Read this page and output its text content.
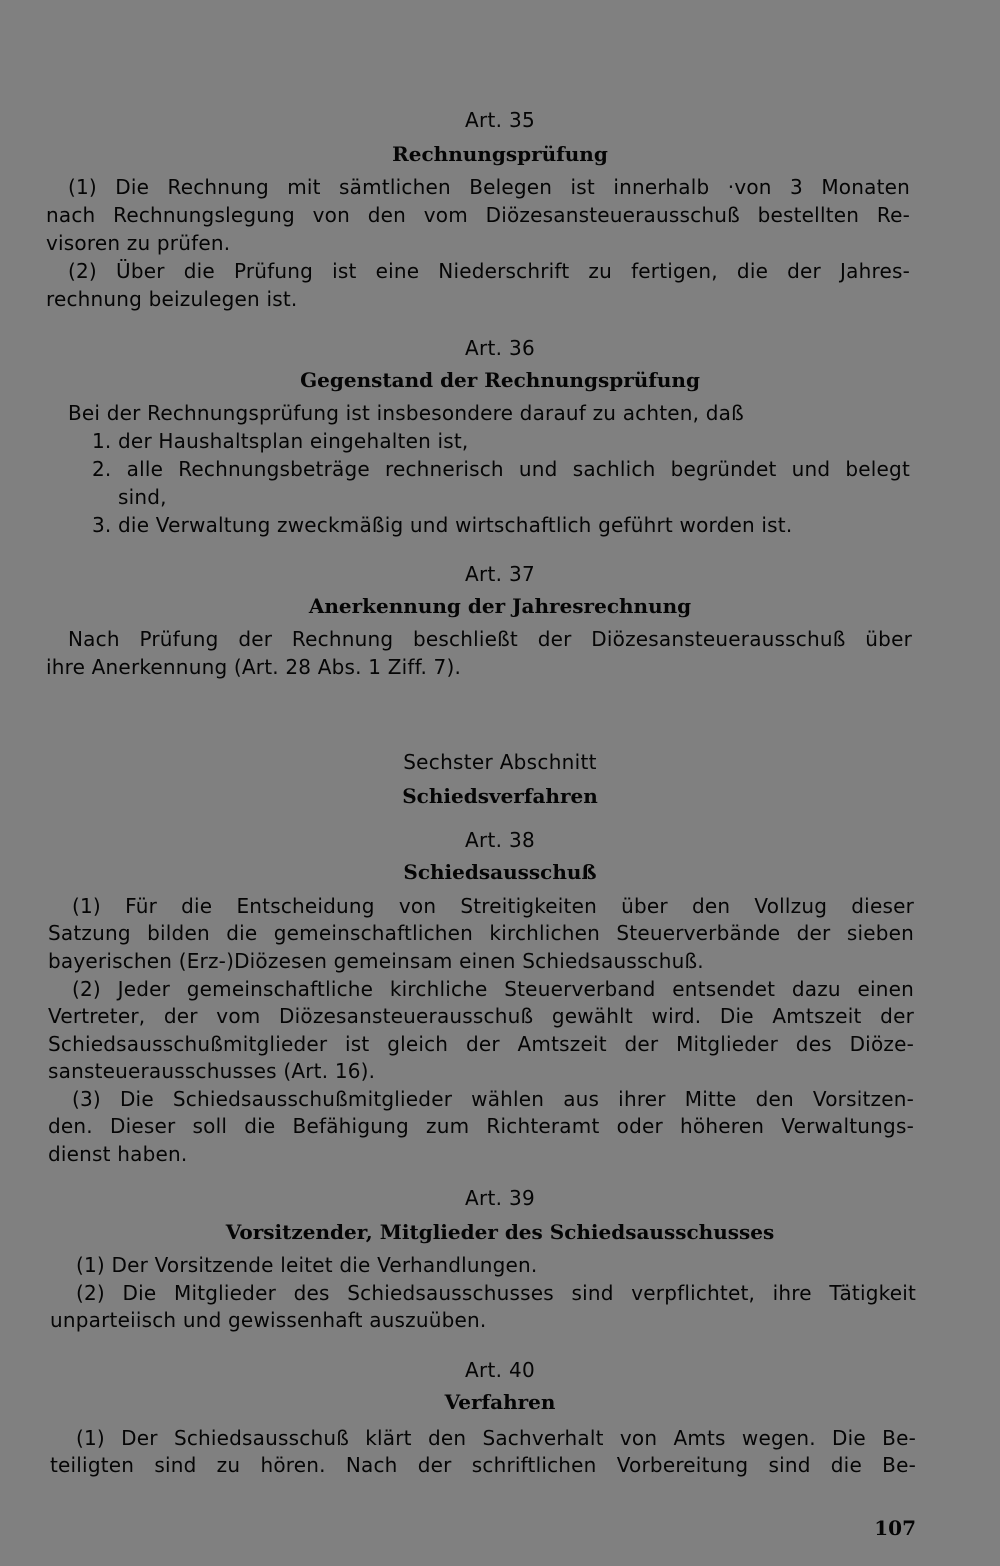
Art. 35
Rechnungsprüfung
(1) Die Rechnung mit sämtlichen Belegen ist innerhalb ·von 3 Monaten
nach Rechnungslegung von den vom Diözesansteuerausschuß bestellten Re-
visoren zu prüfen.
(2) Über die Prüfung ist eine Niederschrift zu fertigen, die der Jahres-
rechnung beizulegen ist.
Art. 36
Gegenstand der Rechnungsprüfung
Bei der Rechnungsprüfung ist insbesondere darauf zu achten, daß
1. der Haushaltsplan eingehalten ist,
2. alle Rechnungsbeträge rechnerisch und sachlich begründet und belegt
sind,
3. die Verwaltung zweckmäßig und wirtschaftlich geführt worden ist.
Art. 37
Anerkennung der Jahresrechnung
Nach Prüfung der Rechnung beschließt der Diözesansteuerausschuß über
ihre Anerkennung (Art. 28 Abs. 1 Ziff. 7).
Sechster Abschnitt
Schiedsverfahren
Art. 38
Schiedsausschuß
(1) Für die Entscheidung von Streitigkeiten über den Vollzug dieser
Satzung bilden die gemeinschaftlichen kirchlichen Steuerverbände der sieben
bayerischen (Erz-)Diözesen gemeinsam einen Schiedsausschuß.
(2) Jeder gemeinschaftliche kirchliche Steuerverband entsendet dazu einen
Vertreter, der vom Diözesansteuerausschuß gewählt wird. Die Amtszeit der
Schiedsausschußmitglieder ist gleich der Amtszeit der Mitglieder des Diöze-
sansteuerausschusses (Art. 16).
(3) Die Schiedsausschußmitglieder wählen aus ihrer Mitte den Vorsitzen-
den. Dieser soll die Befähigung zum Richteramt oder höheren Verwaltungs-
dienst haben.
Art. 39
Vorsitzender, Mitglieder des Schiedsausschusses
(1) Der Vorsitzende leitet die Verhandlungen.
(2) Die Mitglieder des Schiedsausschusses sind verpflichtet, ihre Tätigkeit
unparteiisch und gewissenhaft auszuüben.
Art. 40
Verfahren
(1) Der Schiedsausschuß klärt den Sachverhalt von Amts wegen. Die Be-
teiligten sind zu hören. Nach der schriftlichen Vorbereitung sind die Be-
107
